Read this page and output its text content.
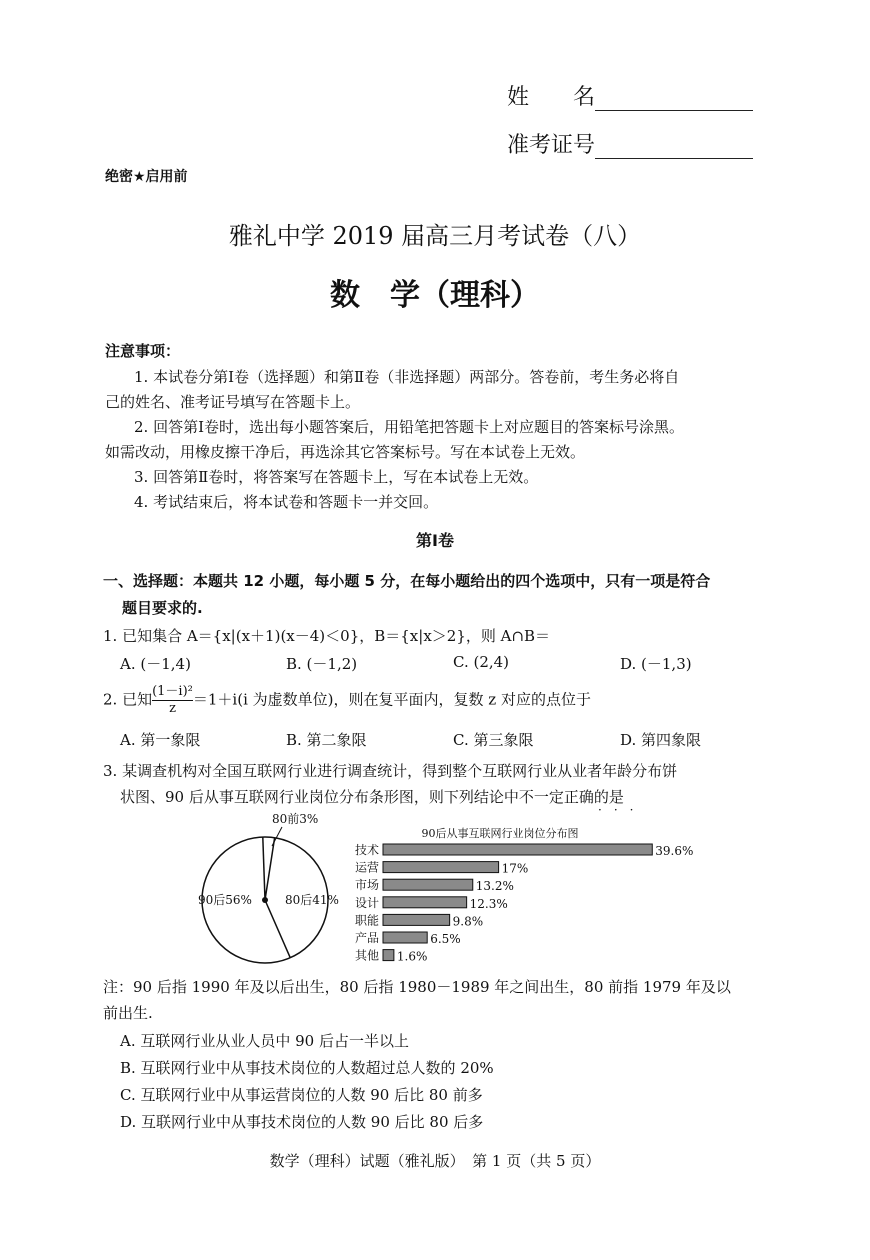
姓　　名
准考证号
绝密★启用前
雅礼中学 2019 届高三月考试卷（八）
数　学（理科）
注意事项：
1. 本试卷分第Ⅰ卷（选择题）和第Ⅱ卷（非选择题）两部分。答卷前，考生务必将自
己的姓名、准考证号填写在答题卡上。
2. 回答第Ⅰ卷时，选出每小题答案后，用铅笔把答题卡上对应题目的答案标号涂黑。
如需改动，用橡皮擦干净后，再选涂其它答案标号。写在本试卷上无效。
3. 回答第Ⅱ卷时，将答案写在答题卡上，写在本试卷上无效。
4. 考试结束后，将本试卷和答题卡一并交回。
第Ⅰ卷
一、选择题：本题共 12 小题，每小题 5 分，在每小题给出的四个选项中，只有一项是符合
题目要求的.
1. 已知集合 A＝{x|(x＋1)(x－4)＜0}，B＝{x|x＞2}，则 A∩B＝
A. (－1,4)	B. (－1,2)	C. (2,4)	D. (－1,3)
2. 已知 $\frac{\text{(1－i)²}}{z} =1+i(i$ 为虚数单位)，则在复平面内，复数 z 对应的点位于
A. 第一象限	B. 第二象限	C. 第三象限	D. 第四象限
3. 某调查机构对全国互联网行业进行调查统计，得到整个互联网行业从业者年龄分布饼
状图、90 后从事互联网行业岗位分布条形图，则下列结论中不一定正确的是
···
90后56%	80后41%
80前3%
90后从事互联网行业岗位分布图
技术	39.6%
运营	17%
市场	13.2%
设计	12.3%
职能	9.8%
产品	6.5%
其他 1.6%
注：90 后指 1990 年及以后出生，80 后指 1980－1989 年之间出生，80 前指 1979 年及以
前出生.
A. 互联网行业从业人员中 90 后占一半以上
B. 互联网行业中从事技术岗位的人数超过总人数的 20%
C. 互联网行业中从事运营岗位的人数 90 后比 80 前多
D. 互联网行业中从事技术岗位的人数 90 后比 80 后多
数学（理科）试题（雅礼版）　第 1 页（共 5 页）
